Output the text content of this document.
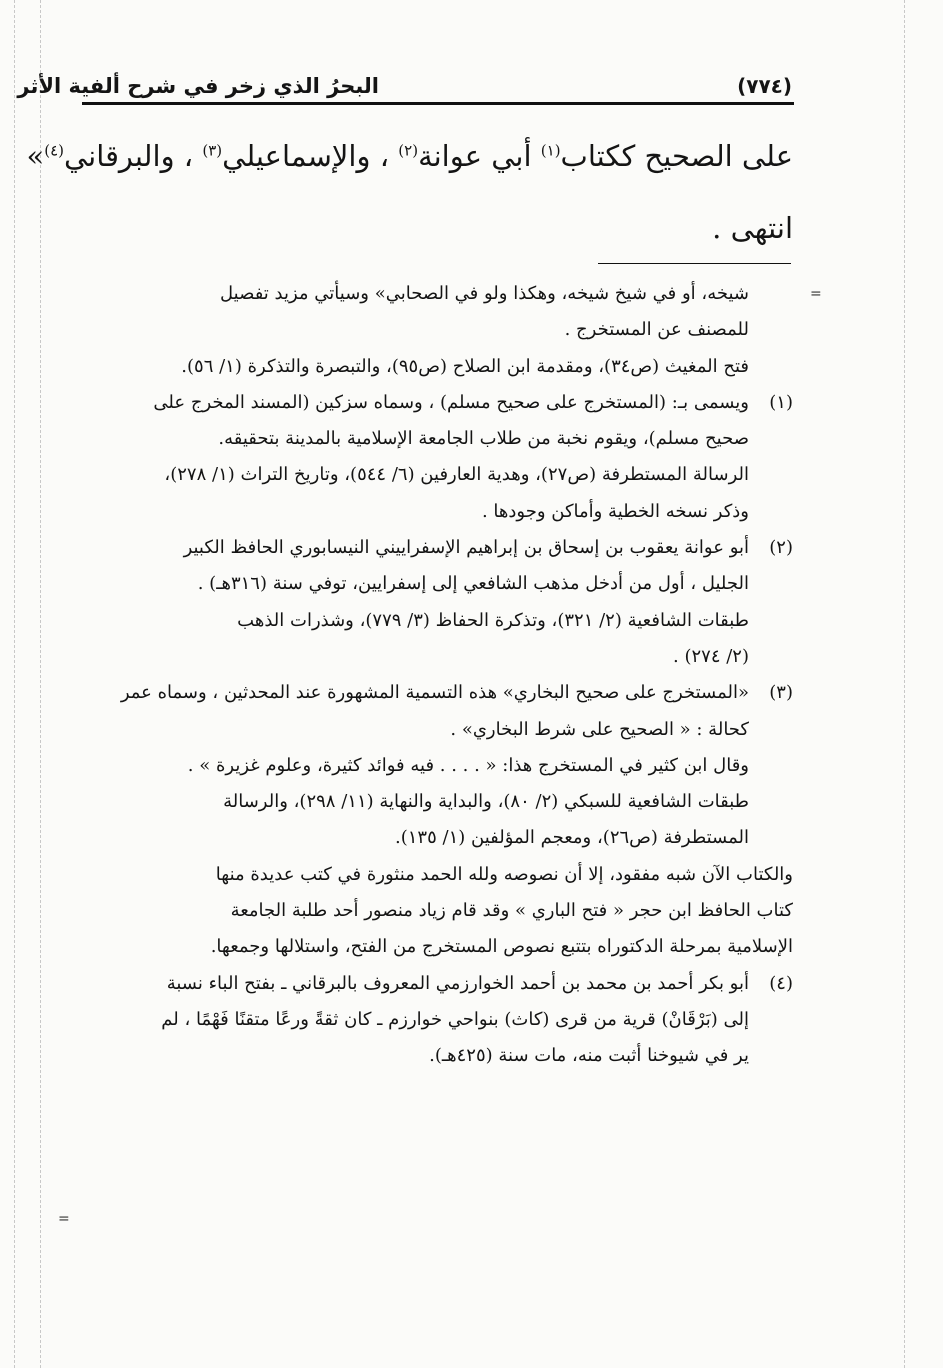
=
=
(٧٧٤)
البحرُ الذي زخر في شرح ألفية الأثر
على الصحيح ككتاب$^{(١)}$ أبي عوانة$^{(٢)}$ ، والإسماعيلي$^{(٣)}$ ، والبرقاني$^{(٤)}$»
انتهى .
شيخه، أو في شيخ شيخه، وهكذا ولو في الصحابي» وسيأتي مزيد تفصيل
للمصنف عن المستخرج .
فتح المغيث (ص٣٤)، ومقدمة ابن الصلاح (ص٩٥)، والتبصرة والتذكرة (١/ ٥٦).
(١)
ويسمى بـ: (المستخرج على صحيح مسلم) ، وسماه سزكين (المسند المخرج على
صحيح مسلم)، ويقوم نخبة من طلاب الجامعة الإسلامية بالمدينة بتحقيقه.
الرسالة المستطرفة (ص٢٧)، وهدية العارفين (٦/ ٥٤٤)، وتاريخ التراث (١/ ٢٧٨)،
وذكر نسخه الخطية وأماكن وجودها .
(٢)
أبو عوانة يعقوب بن إسحاق بن إبراهيم الإسفراييني النيسابوري الحافظ الكبير
الجليل ، أول من أدخل مذهب الشافعي إلى إسفرايين، توفي سنة (٣١٦هـ) .
طبقات الشافعية (٢/ ٣٢١)، وتذكرة الحفاظ (٣/ ٧٧٩)، وشذرات الذهب
(٢/ ٢٧٤) .
(٣)
«المستخرج على صحيح البخاري» هذه التسمية المشهورة عند المحدثين ، وسماه عمر
كحالة : « الصحيح على شرط البخاري» .
وقال ابن كثير في المستخرج هذا: « . . . . فيه فوائد كثيرة، وعلوم غزيرة » .
طبقات الشافعية للسبكي (٢/ ٨٠)، والبداية والنهاية (١١/ ٢٩٨)، والرسالة
المستطرفة (ص٢٦)، ومعجم المؤلفين (١/ ١٣٥).
والكتاب الآن شبه مفقود، إلا أن نصوصه ولله الحمد منثورة في كتب عديدة منها
كتاب الحافظ ابن حجر « فتح الباري » وقد قام زياد منصور أحد طلبة الجامعة
الإسلامية بمرحلة الدكتوراه بتتبع نصوص المستخرج من الفتح، واستلالها وجمعها.
(٤)
أبو بكر أحمد بن محمد بن أحمد الخوارزمي المعروف بالبرقاني ـ بفتح الباء نسبة
إلى (بَرْقَانْ) قرية من قرى (كاث) بنواحي خوارزم ـ كان ثقةً ورعًا متقنًا فَهْمًا ، لم
ير في شيوخنا أثبت منه، مات سنة (٤٢٥هـ).
